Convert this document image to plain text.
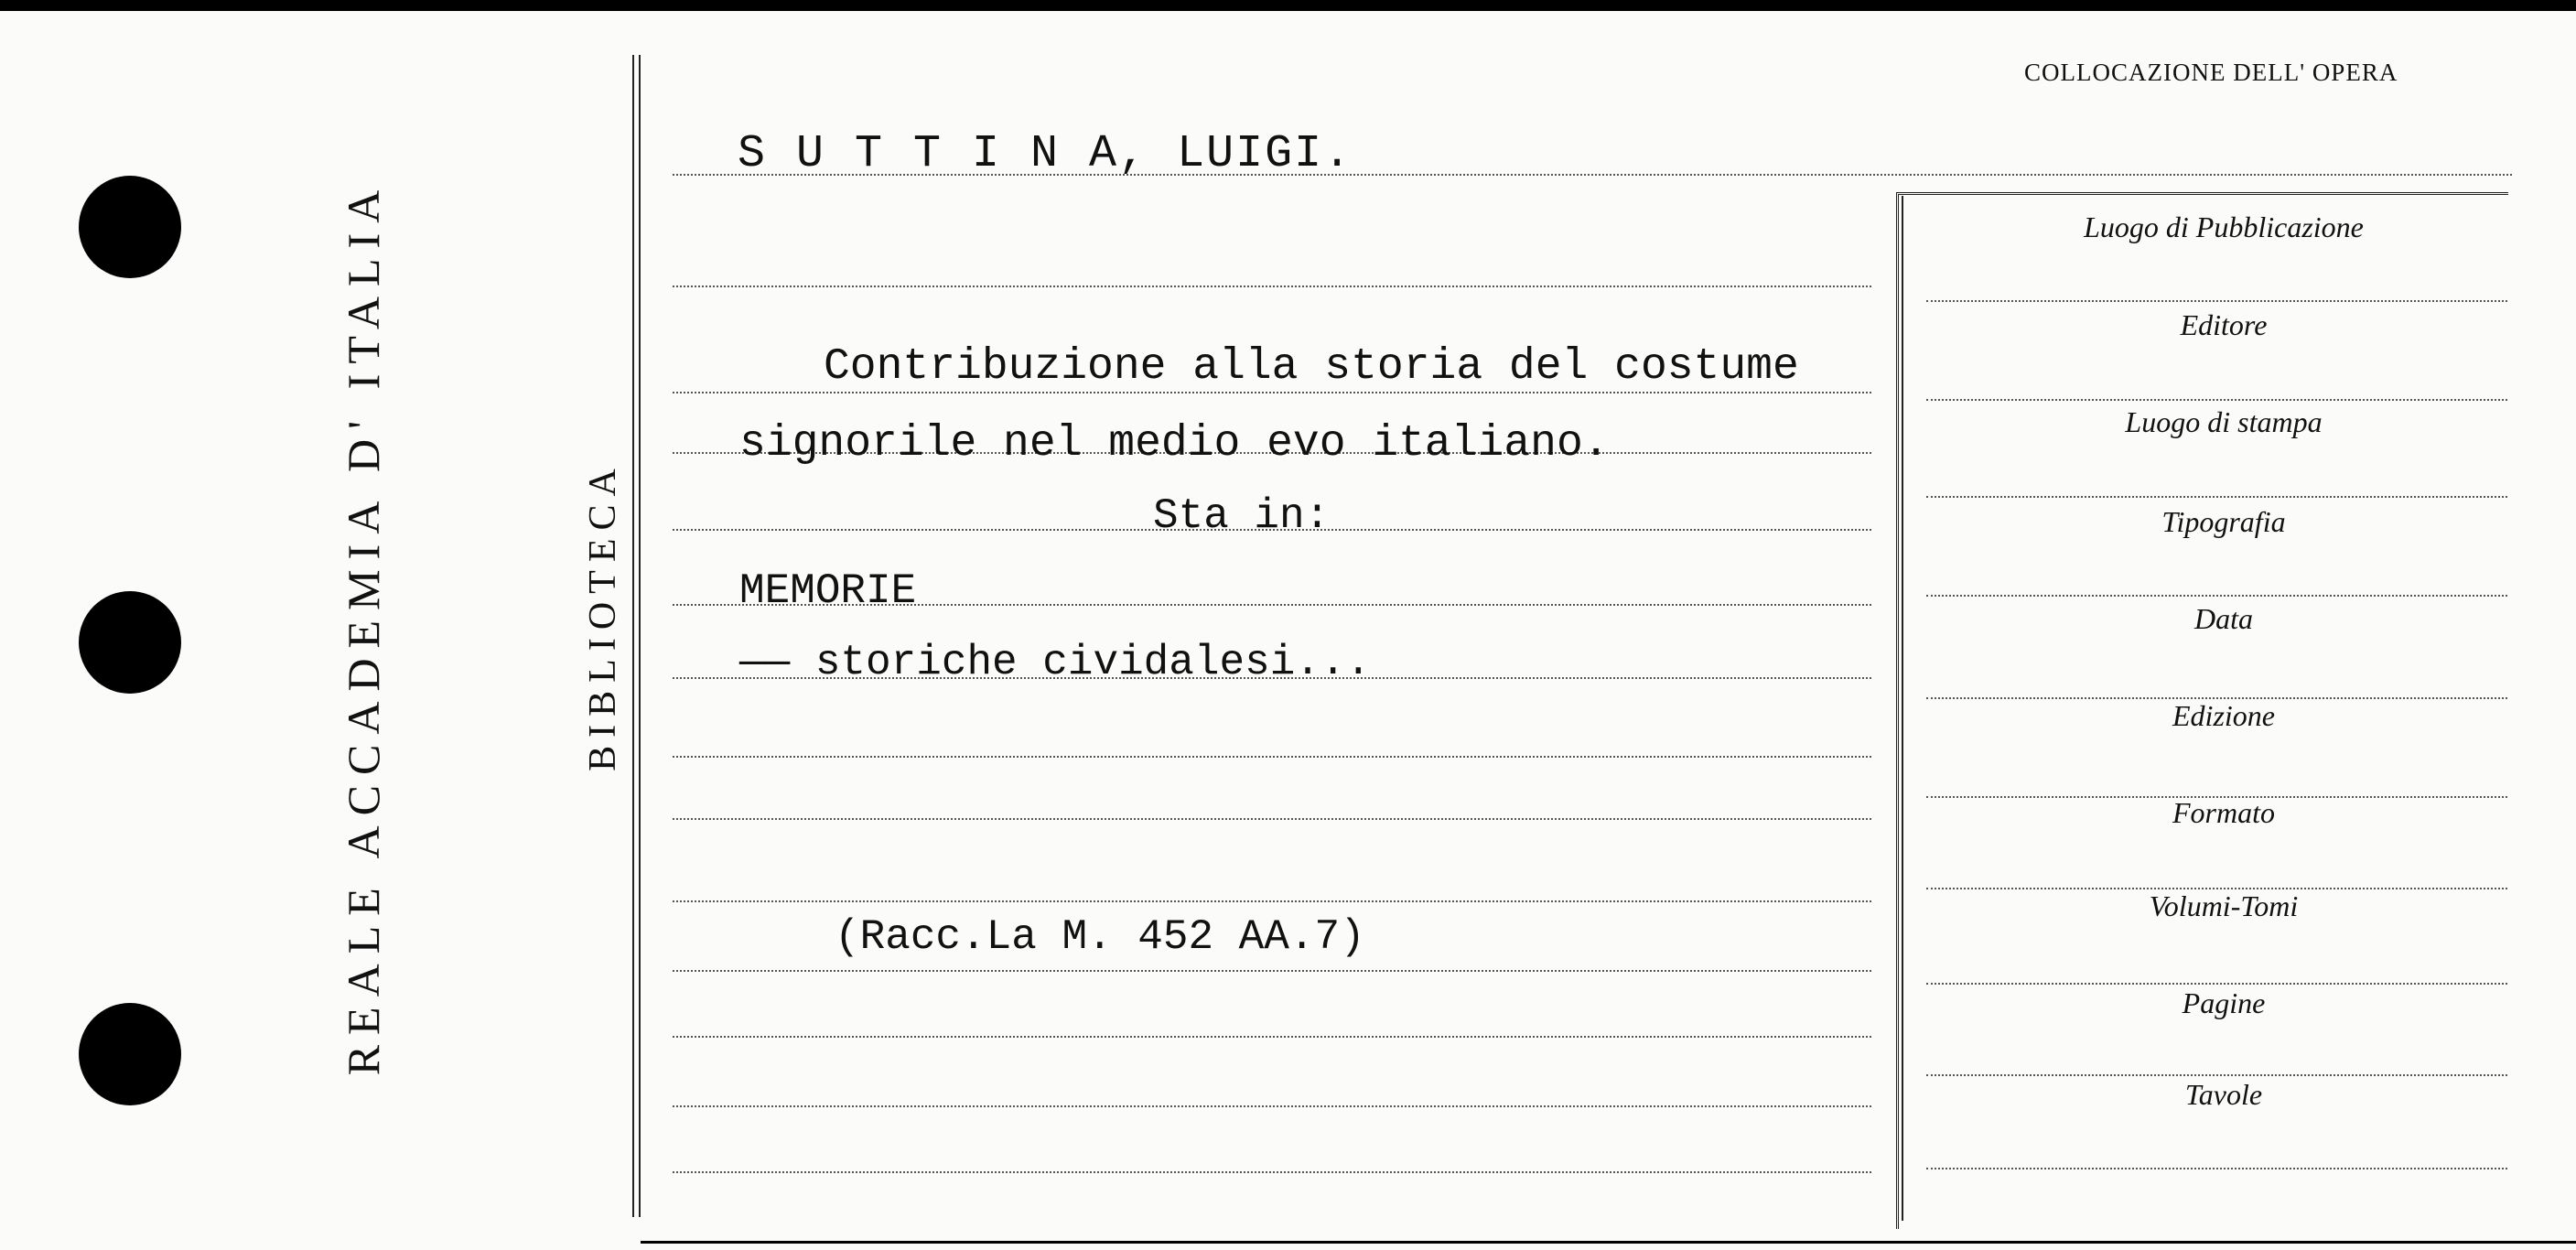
REALE ACCADEMIA D' ITALIA	BIBLIOTECA
COLLOCAZIONE DELL' OPERA
S U T T I N A, LUIGI.
Contribuzione alla storia del costume
signorile nel medio evo italiano.
Sta in:
MEMORIE
—— storiche cividalesi...
(Racc.La M. 452 AA.7)
Luogo di Pubblicazione
Editore
Luogo di stampa
Tipografia
Data
Edizione
Formato
Volumi-Tomi
Pagine
Tavole
